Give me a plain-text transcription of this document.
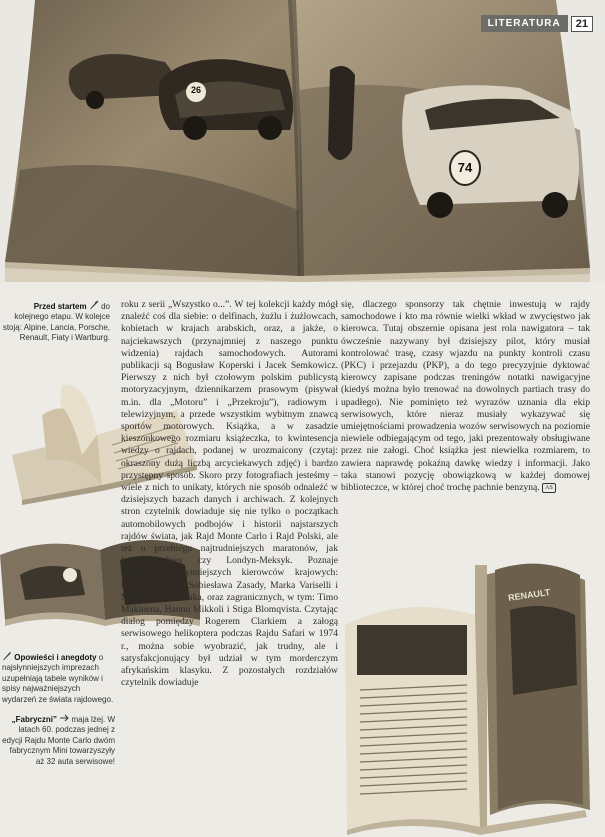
26
74
LITERATURA	21
Przed startem do kolejnego etapu. W kolejce stoją: Alpine, Lancia, Porsche, Renault, Fiaty i Wartburg.
Opowieści i anegdoty o najsłynniejszych imprezach uzupełniają tabele wyników i spisy najważniejszych wydarzeń ze świata rajdowego.
„Fabryczni” maja lżej. W latach 60. podczas jednej z edycji Rajdu Monte Carlo dwóm fabrycznym Mini towarzyszyły aż 32 auta serwisowe!
roku z serii „Wszystko o...”. W tej kolekcji każdy mógł znaleźć coś dla siebie: o delfinach, żużlu i żużlowcach, kobietach w krajach arabskich, oraz, a jakże, o najciekawszych (przynajmniej z naszego punktu widzenia) rajdach samochodowych. Autorami publikacji są Bogusław Koperski i Jacek Semkowicz. Pierwszy z nich był czołowym polskim publicystą motoryzacyjnym, dziennikarzem prasowym (pisywał m.in. dla „Motoru” i „Przekroju”), radiowym i telewizyjnym, a przede wszystkim wybitnym znawcą sportów motorowych. Książka, a w zasadzie kieszonkowego rozmiaru książeczka, to kwintesencja wiedzy o rajdach, podanej w urozmaicony (czytaj: okraszony dużą liczbą arcyciekawych zdjęć) i bardzo przystępny sposób. Skoro przy fotografiach jesteśmy – wiele z nich to unikaty, których nie sposób odnaleźć w dzisiejszych bazach danych i archiwach. Z kolejnych stron czytelnik dowiaduje się nie tylko o początkach automobilowych podbojów i historii najstarszych rajdów świata, jak Rajd Monte Carlo i Rajd Polski, ale też o przebiegu najtrudniejszych maratonów, jak Londyn-Sydney czy Londyn-Meksyk. Poznaje nazwiska najsłynniejszych kierowców krajowych: Roberta Muchy, Sobiesława Zasady, Marka Variselli i Macieja Stawowiaka, oraz zagranicznych, w tym: Timo Mäkinena, Hannu Mikkoli i Stiga Blomqvista. Czytając dialog pomiędzy Rogerem Clarkiem a załogą serwisowego helikoptera podczas Rajdu Safari w 1974 r., można sobie wyobrazić, jak trudny, ale i satysfakcjonujący był udział w tym morderczym afrykańskim klasyku. Z pozostałych rozdziałów czytelnik dowiaduje
się, dlaczego sponsorzy tak chętnie inwestują w rajdy samochodowe i kto ma równie wielki wkład w zwycięstwo jak kierowca. Tutaj obszernie opisana jest rola nawigatora – tak ówcześnie nazywany był dzisiejszy pilot, który musiał kontrolować trasę, czasy wjazdu na punkty kontroli czasu (PKC) i przejazdu (PKP), a do tego precyzyjnie dyktować kierowcy zapisane podczas treningów notatki nawigacyjne (kiedyś można było trenować na dowolnych partiach trasy do upadłego). Nie pominięto też wyrazów uznania dla ekip serwisowych, które nieraz musiały wykazywać się umiejętnościami prowadzenia wozów serwisowych na poziomie niewiele odbiegającym od tego, jaki prezentowały obsługiwane przez nie załogi. Choć książka jest niewielka rozmiarem, to zawiera naprawdę pokaźną dawkę wiedzy i informacji. Jako taka stanowi pozycję obowiązkową w każdej domowej biblioteczce, w której choć trochę pachnie benzyną. AS
RENAULT
